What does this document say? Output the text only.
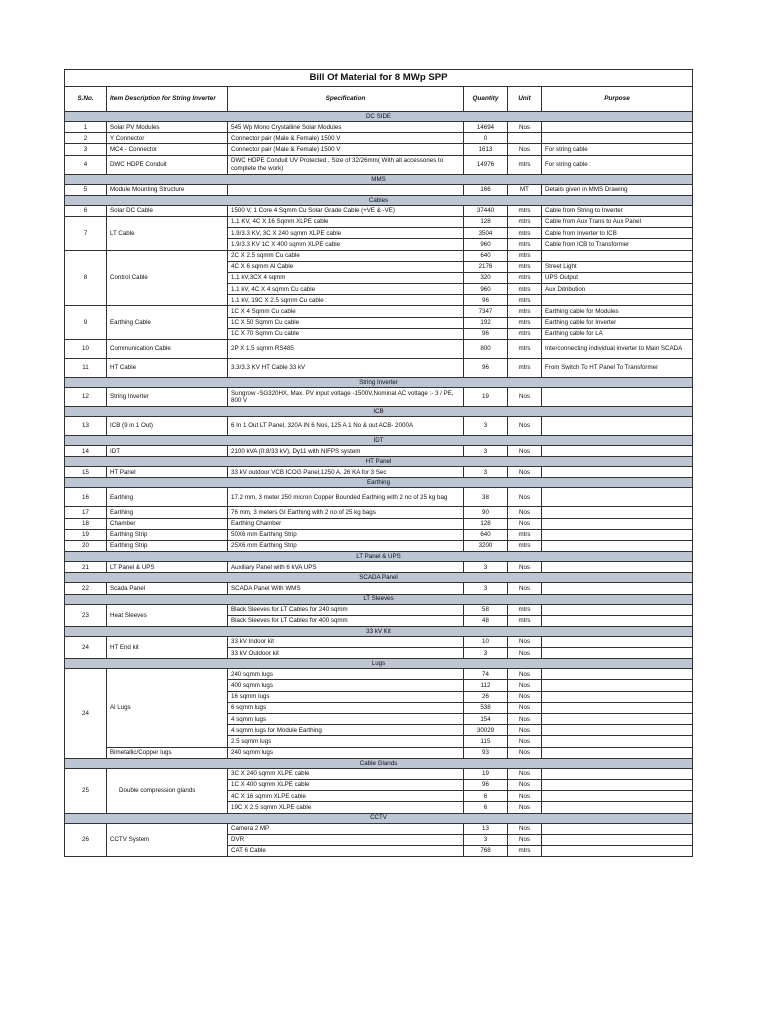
Bill Of Material for 8 MWp SPP					
S.No.	Item Description for String Inverter	Specification	Quantity	Unit	Purpose
DC SIDE					
1	Solar PV Modules	545 Wp Mono Crystalline Solar Modules	14694	Nos	
2	Y Connector	Connector pair (Male & Female) 1500 V	0		
3	MC4 - Connector	Connector pair (Male & Female) 1500 V	1613	Nos	For string cable
4	DWC HDPE Conduit	DWC HDPE Conduit UV Protected , Size of 32/26mm( With all accessories to complete the work)	14976	mtrs	For string cable
MMS					
5	Module Mounting Structure		166	MT	Details given in MMS Drawing
Cables					
6	Solar DC Cable	1500 V, 1 Core 4 Sqmm Cu Solar Grade Cable (+VE & -VE)	37440	mtrs	Cable from String to Inverter
7	LT Cable	1.1 KV, 4C X 16 Sqmm XLPE cable	128	mtrs	Cable from Aux Trans to Aux Panel
		1.9/3.3 KV, 3C X 240 sqmm XLPE cable	3504	mtrs	Cable from Inverter to ICB
		1.9/3.3 KV 1C X 400 sqmm XLPE cable	960	mtrs	Cable from ICB to Transformer
8	Control Cable	2C X 2.5 sqmm Cu cable	640	mtrs	
		4C X 6 sqmm Al Cable	2176	mtrs	Street Light
		1.1 kV,3CX 4 sqmm	320	mtrs	UPS Output
		1.1 kV, 4C X 4 sqmm Cu cable	960	mtrs	Aux Ditribution
		1.1 kV, 19C X 2.5 sqmm Cu cable	96	mtrs	
9	Earthing Cable	1C X 4 Sqmm Cu cable	7347	mtrs	Earthing cable for Modules
		1C X 50 Sqmm Cu cable	192	mtrs	Earthing cable for Inverter
		1C X 70 Sqmm Cu cable	96	mtrs	Earthing cable for LA
10	Communication Cable	2P X 1.5 sqmm RS485	800	mtrs	Interconnecting individual inverter to Main SCADA
11	HT Cable	3.3/3.3 KV HT Cable 33 kV	96	mtrs	From Switch To HT Panel To Transformer
String Inverter					
12	String Inverter	Sungrow -SG320HX, Max. PV input voltage -1500V,Nominal AC voltage :- 3 / PE, 800 V	19	Nos	
ICB					
13	ICB (9 in 1 Out)	6 In 1 Out LT Panel, 320A IN 6 Nos, 125 A 1 No & out ACB- 2000A	3	Nos	
IDT					
14	IDT	2100 kVA (0.8/33 kV), Dy11 with NIFPS system	3	Nos	
HT Panel					
15	HT Panel	33 kV outdoor VCB ICOG Panel,1250 A, 26 KA for 3 Sec	3	Nos	
Earthing					
16	Earthing	17.2 mm, 3 meter 250 micron Copper Bounded Earthing with 2 no of 25 kg bag	38	Nos	
17	Earthing	76 mm, 3 meters GI Earthing with 2 no of 25 kg bags	90	Nos	
18	Chamber	Earthing Chamber	128	Nos	
19	Earthing Strip	50X6 mm Earthing Strip	640	mtrs	
20	Earthing Strip	25X6 mm Earthing Strip	3200	mtrs	
LT Panel & UPS					
21	LT Panel & UPS	Auxiliary Panel with 6 kVA UPS	3	Nos	
SCADA Panel					
22	Scada Panel	SCADA Panel With WMS	3	Nos	
LT Sleeves					
23	Heat Sleeves	Black Sleeves for LT Cables for 240 sqmm	58	mtrs	
		Black Sleeves for LT Cables for 400 sqmm	48	mtrs	
33 kV Kit					
24	HT End kit	33 kV Indoor kit	10	Nos	
		33 kV Outdoor kit	3	Nos	
Lugs					
24	Al Lugs	240 sqmm lugs	74	Nos	
		400 sqmm lugs	112	Nos	
		16 sqmm lugs	26	Nos	
		6 sqmm lugs	538	Nos	
		4 sqmm lugs	154	Nos	
		4 sqmm lugs for Module Earthing	30029	Nos	
		2.5 sqmm lugs	115	Nos	
	Bimetallic/Copper lugs	240 sqmm lugs	93	Nos	
Cable Glands					
25	Double compression glands	3C X 240 sqmm XLPE cable	19	Nos	
		1C X 400 sqmm XLPE cable	96	Nos	
		4C X 16 sqmm XLPE cable	6	Nos	
		19C X 2.5 sqmm XLPE cable	6	Nos	
CCTV					
26	CCTV System	Camera 2 MP	13	Nos	
		DVR	3	Nos	
		CAT 6 Cable	768	mtrs	
